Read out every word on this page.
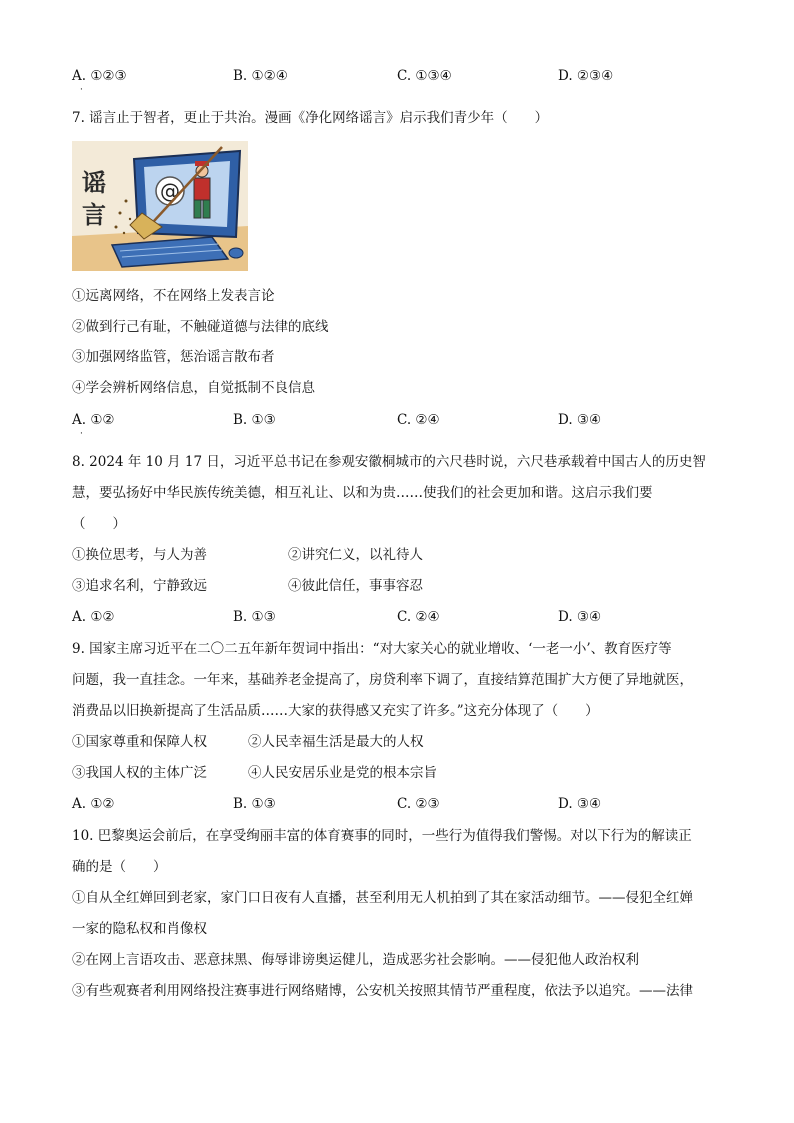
A. ①②③	B. ①②④	C. ①③④	D. ②③④
·
7. 谣言止于智者，更止于共治。漫画《净化网络谣言》启示我们青少年（　　）
@
谣
言
①远离网络，不在网络上发表言论
②做到行己有耻，不触碰道德与法律的底线
③加强网络监管，惩治谣言散布者
④学会辨析网络信息，自觉抵制不良信息
A. ①②	B. ①③	C. ②④	D. ③④
·
8. 2024 年 10 月 17 日，习近平总书记在参观安徽桐城市的六尺巷时说，六尺巷承载着中国古人的历史智
慧，要弘扬好中华民族传统美德，相互礼让、以和为贵……使我们的社会更加和谐。这启示我们要
（　　）
①换位思考，与人为善	②讲究仁义，以礼待人
③追求名利，宁静致远	④彼此信任，事事容忍
A. ①②	B. ①③	C. ②④	D. ③④
9. 国家主席习近平在二〇二五年新年贺词中指出：“对大家关心的就业增收、‘一老一小’、教育医疗等
问题，我一直挂念。一年来，基础养老金提高了，房贷利率下调了，直接结算范围扩大方便了异地就医，
消费品以旧换新提高了生活品质……大家的获得感又充实了许多。”这充分体现了（　　）
①国家尊重和保障人权	②人民幸福生活是最大的人权
③我国人权的主体广泛	④人民安居乐业是党的根本宗旨
A. ①②	B. ①③	C. ②③	D. ③④
10. 巴黎奥运会前后，在享受绚丽丰富的体育赛事的同时，一些行为值得我们警惕。对以下行为的解读正
确的是（　　）
①自从全红婵回到老家，家门口日夜有人直播，甚至利用无人机拍到了其在家活动细节。——侵犯全红婵
一家的隐私权和肖像权
②在网上言语攻击、恶意抹黑、侮辱诽谤奥运健儿，造成恶劣社会影响。——侵犯他人政治权利
③有些观赛者利用网络投注赛事进行网络赌博，公安机关按照其情节严重程度，依法予以追究。——法律
